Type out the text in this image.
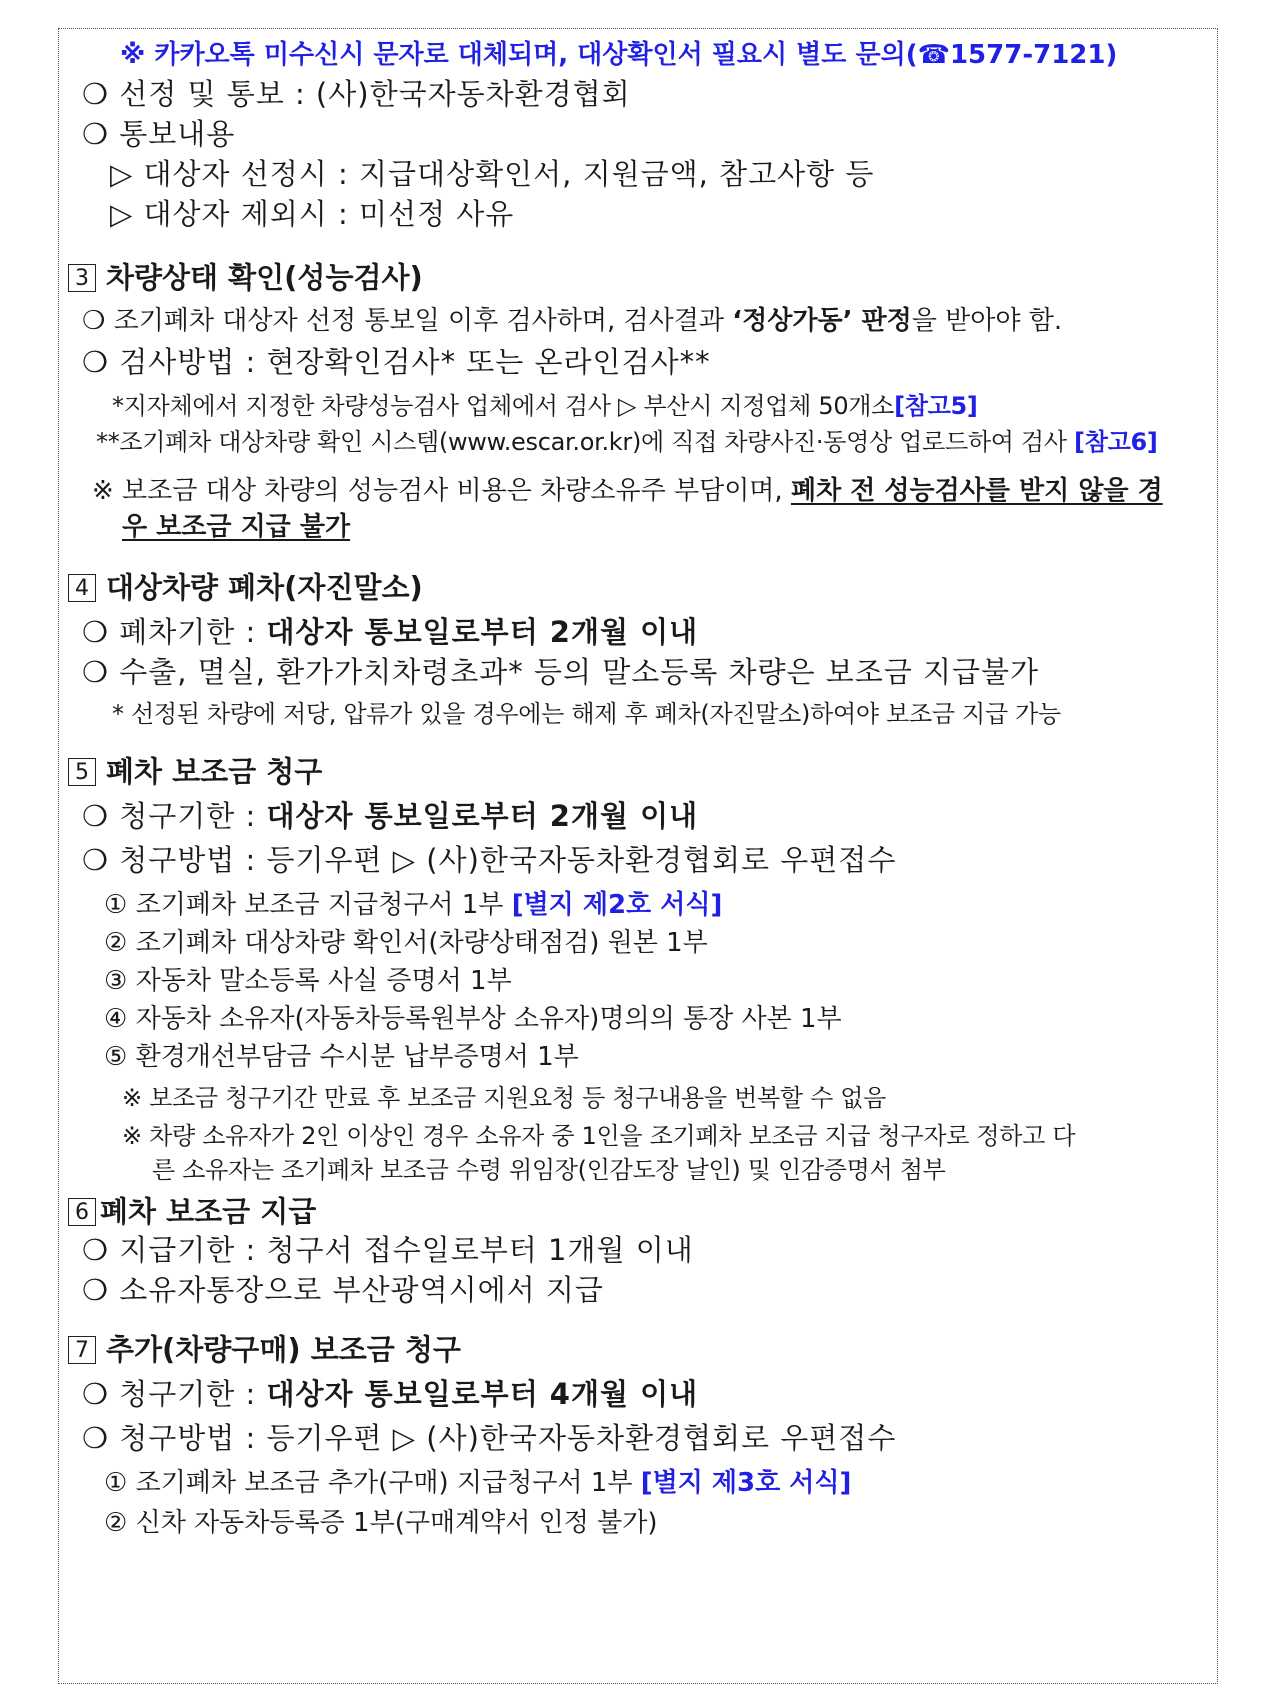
※ 카카오톡 미수신시 문자로 대체되며, 대상확인서 필요시 별도 문의(☎1577-7121)
❍ 선정 및 통보 : (사)한국자동차환경협회
❍ 통보내용
▷ 대상자 선정시 : 지급대상확인서, 지원금액, 참고사항 등
▷ 대상자 제외시 : 미선정 사유
3 차량상태 확인(성능검사)
❍ 조기폐차 대상자 선정 통보일 이후 검사하며, 검사결과 ‘정상가동’ 판정을 받아야 함.
❍ 검사방법 : 현장확인검사* 또는 온라인검사**
*지자체에서 지정한 차량성능검사 업체에서 검사 ▷ 부산시 지정업체 50개소[참고5]
**조기폐차 대상차량 확인 시스템(www.escar.or.kr)에 직접 차량사진·동영상 업로드하여 검사 [참고6]
※ 보조금 대상 차량의 성능검사 비용은 차량소유주 부담이며, 폐차 전 성능검사를 받지 않을 경
우 보조금 지급 불가
4 대상차량 폐차(자진말소)
❍ 폐차기한 : 대상자 통보일로부터 2개월 이내
❍ 수출, 멸실, 환가가치차령초과* 등의 말소등록 차량은 보조금 지급불가
* 선정된 차량에 저당, 압류가 있을 경우에는 해제 후 폐차(자진말소)하여야 보조금 지급 가능
5 폐차 보조금 청구
❍ 청구기한 : 대상자 통보일로부터 2개월 이내
❍ 청구방법 : 등기우편 ▷ (사)한국자동차환경협회로 우편접수
① 조기폐차 보조금 지급청구서 1부 [별지 제2호 서식]
② 조기폐차 대상차량 확인서(차량상태점검) 원본 1부
③ 자동차 말소등록 사실 증명서 1부
④ 자동차 소유자(자동차등록원부상 소유자)명의의 통장 사본 1부
⑤ 환경개선부담금 수시분 납부증명서 1부
※ 보조금 청구기간 만료 후 보조금 지원요청 등 청구내용을 번복할 수 없음
※ 차량 소유자가 2인 이상인 경우 소유자 중 1인을 조기폐차 보조금 지급 청구자로 정하고 다
른 소유자는 조기폐차 보조금 수령 위임장(인감도장 날인) 및 인감증명서 첨부
6 폐차 보조금 지급
❍ 지급기한 : 청구서 접수일로부터 1개월 이내
❍ 소유자통장으로 부산광역시에서 지급
7 추가(차량구매) 보조금 청구
❍ 청구기한 : 대상자 통보일로부터 4개월 이내
❍ 청구방법 : 등기우편 ▷ (사)한국자동차환경협회로 우편접수
① 조기폐차 보조금 추가(구매) 지급청구서 1부 [별지 제3호 서식]
② 신차 자동차등록증 1부(구매계약서 인정 불가)
